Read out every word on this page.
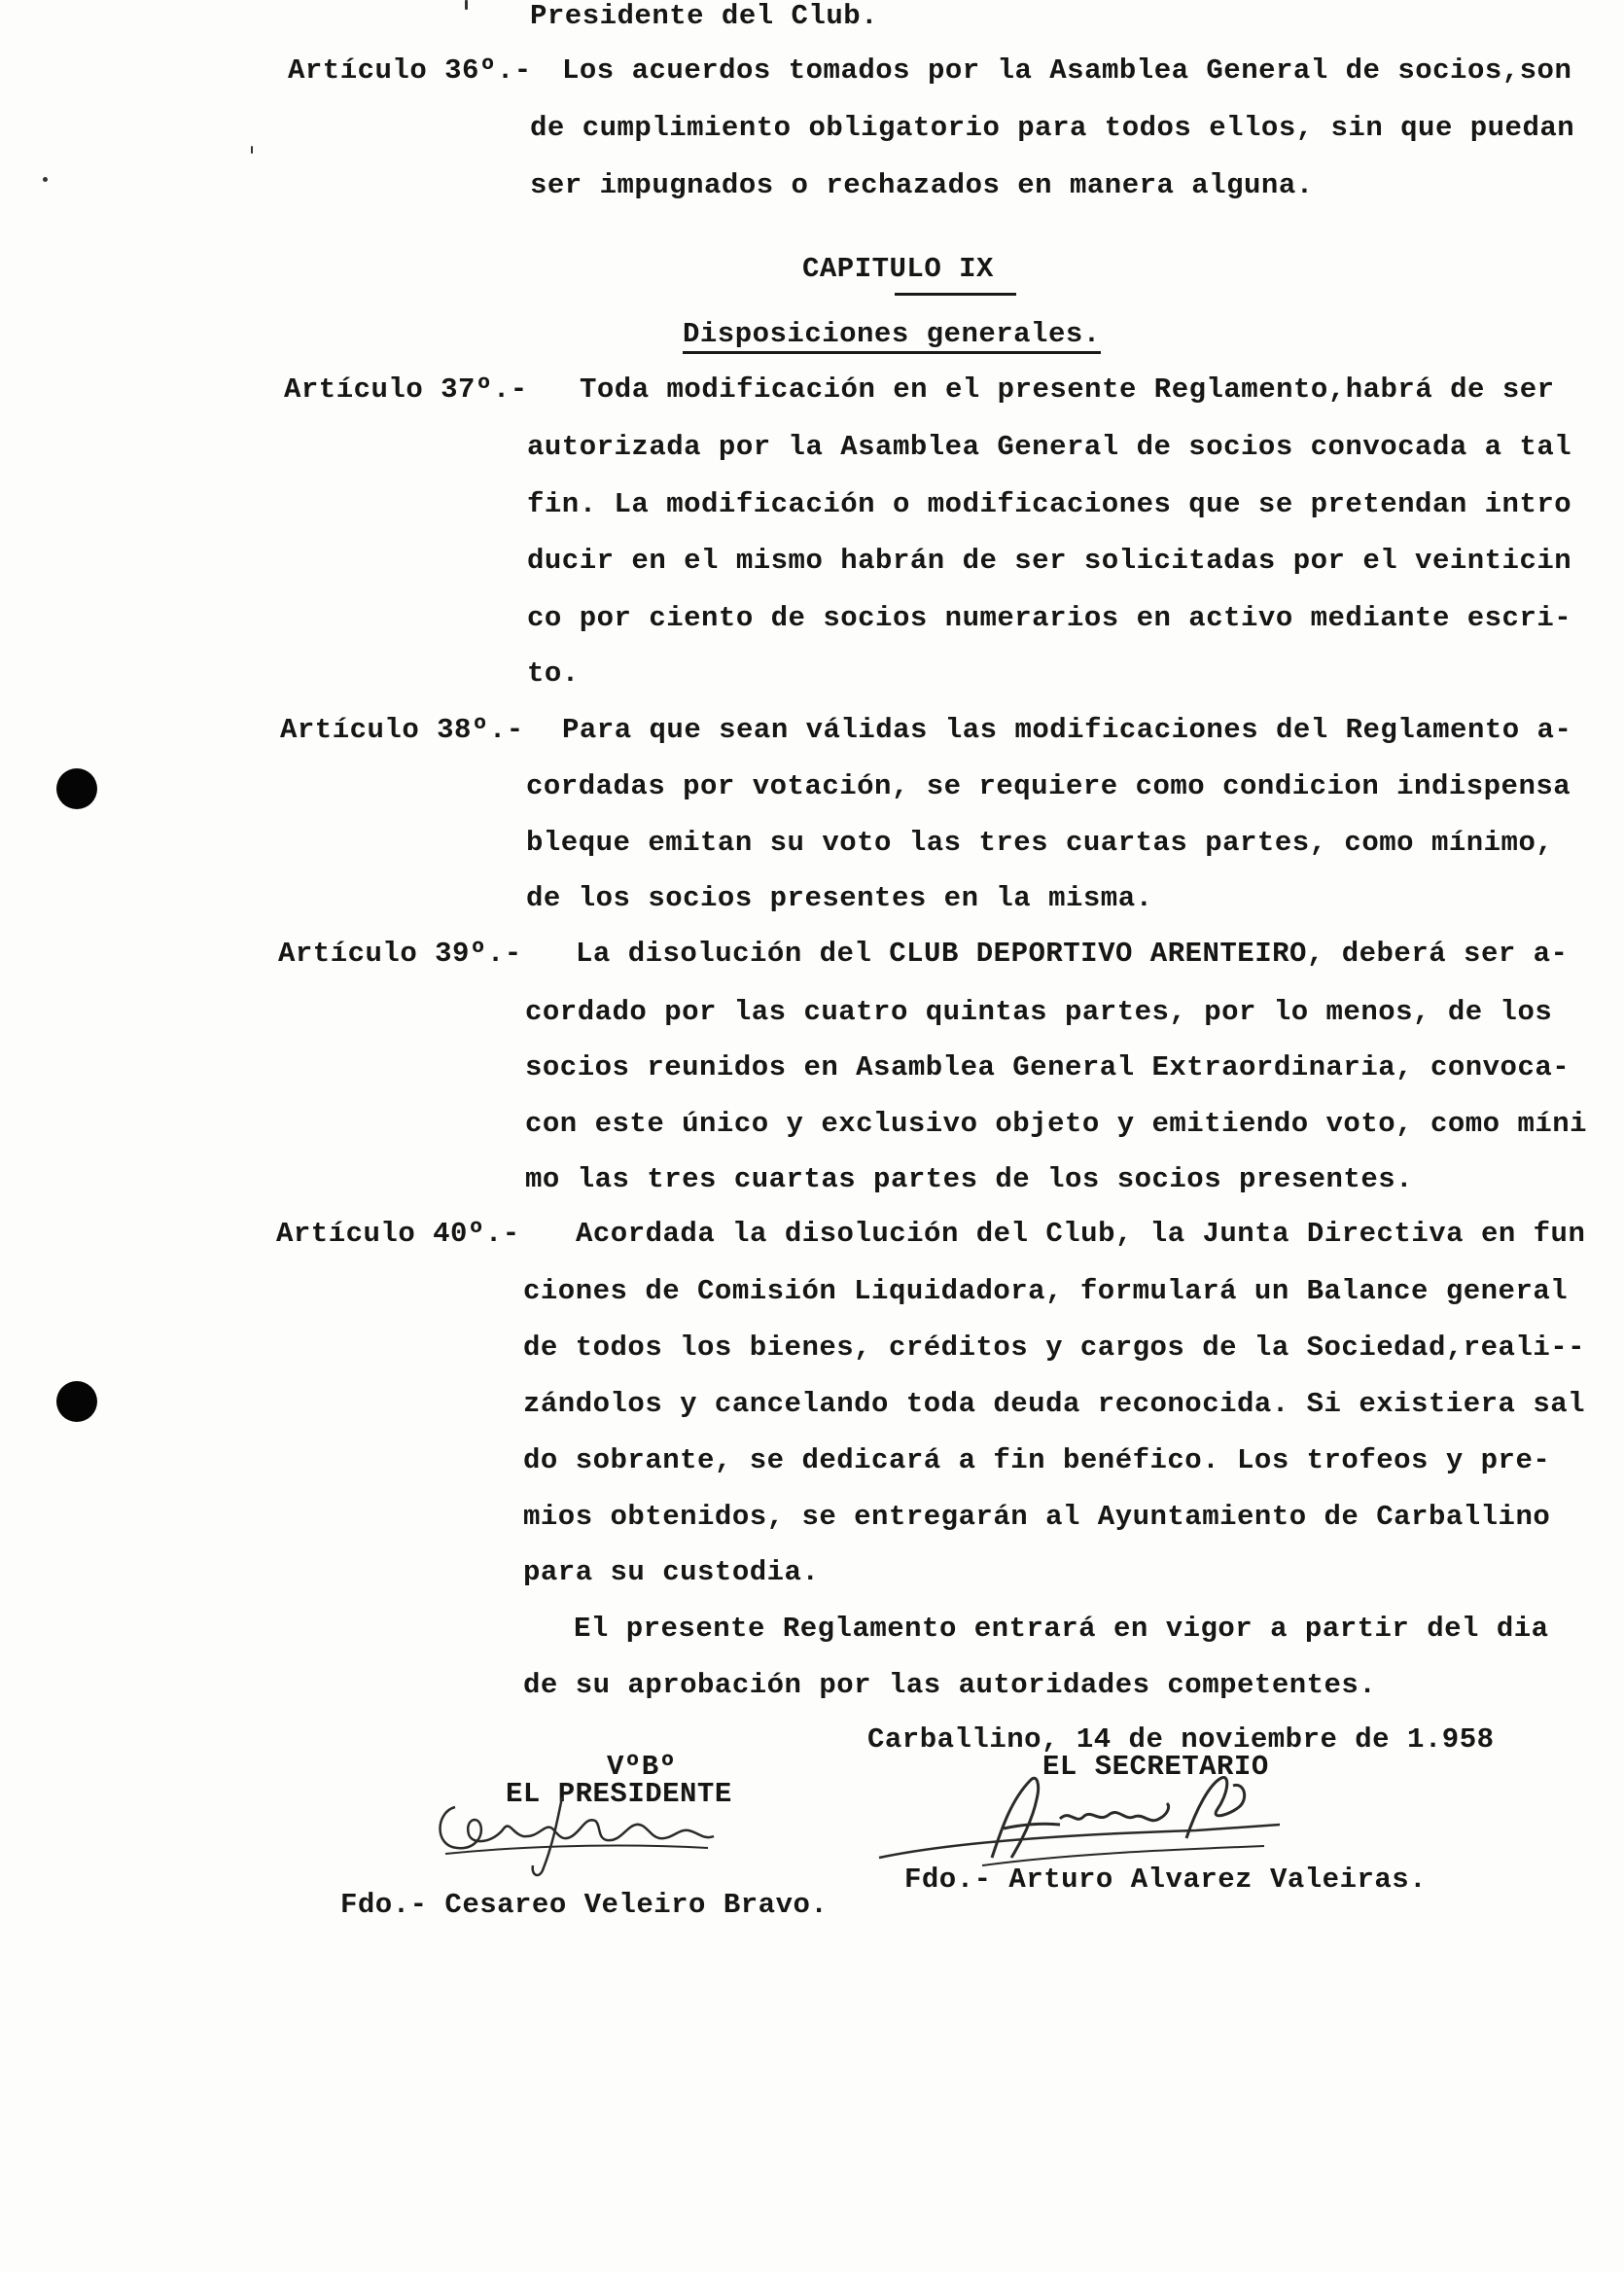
Presidente del Club.
Artículo 36º.- Los acuerdos tomados por la Asamblea General de socios,son
de cumplimiento obligatorio para todos ellos, sin que puedan
ser impugnados o rechazados en manera alguna.
CAPITULO IX
Disposiciones generales.
Artículo 37º.- Toda modificación en el presente Reglamento,habrá de ser
autorizada por la Asamblea General de socios convocada a tal
fin. La modificación o modificaciones que se pretendan intro
ducir en el mismo habrán de ser solicitadas por el veinticin
co por ciento de socios numerarios en activo mediante escri-
to.
Artículo 38º.- Para que sean válidas las modificaciones del Reglamento a-
cordadas por votación, se requiere como condicion indispensa
bleque emitan su voto las tres cuartas partes, como mínimo,
de los socios presentes en la misma.
Artículo 39º.- La disolución del CLUB DEPORTIVO ARENTEIRO, deberá ser a-
cordado por las cuatro quintas partes, por lo menos, de los
socios reunidos en Asamblea General Extraordinaria, convoca-
con este único y exclusivo objeto y emitiendo voto, como míni
mo las tres cuartas partes de los socios presentes.
Artículo 40º.- Acordada la disolución del Club, la Junta Directiva en fun
ciones de Comisión Liquidadora, formulará un Balance general
de todos los bienes, créditos y cargos de la Sociedad,reali--
zándolos y cancelando toda deuda reconocida. Si existiera sal
do sobrante, se dedicará a fin benéfico. Los trofeos y pre-
mios obtenidos, se entregarán al Ayuntamiento de Carballino
para su custodia.
El presente Reglamento entrará en vigor a partir del dia
de su aprobación por las autoridades competentes.
Carballino, 14 de noviembre de 1.958
VºBº
EL PRESIDENTE
Fdo.- Cesareo Veleiro Bravo.
EL SECRETARIO
Fdo.- Arturo Alvarez Valeiras.
